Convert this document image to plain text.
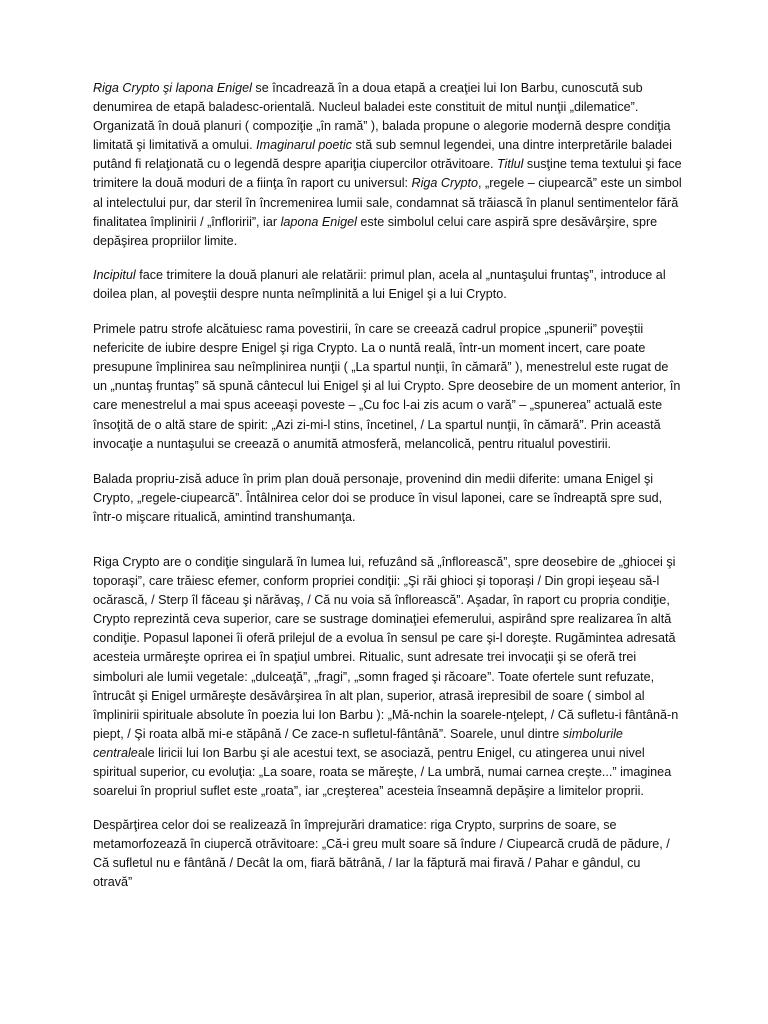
Riga Crypto şi lapona Enigel se încadrează în a doua etapă a creaţiei lui Ion Barbu, cunoscută sub denumirea de etapă baladesc-orientală. Nucleul baladei este constituit de mitul nunţii „dilematice”. Organizată în două planuri ( compoziţie „în ramă” ), balada propune o alegorie modernă despre condiţia limitată şi limitativă a omului. Imaginarul poetic stă sub semnul legendei, una dintre interpretările baladei putând fi relaţionată cu o legendă despre apariţia ciupercilor otrăvitoare. Titlul susţine tema textului şi face trimitere la două moduri de a fiinţa în raport cu universul: Riga Crypto, „regele – ciupearcă” este un simbol al intelectului pur, dar steril în încremenirea lumii sale, condamnat să trăiască în planul sentimentelor fără finalitatea împlinirii / „înfloririi”, iar lapona Enigel este simbolul celui care aspiră spre desăvârşire, spre depăşirea propriilor limite.

Incipitul face trimitere la două planuri ale relatării: primul plan, acela al „nuntaşului fruntaş”, introduce al doilea plan, al poveştii despre nunta neîmplinită a lui Enigel şi a lui Crypto.

Primele patru strofe alcătuiesc rama povestirii, în care se creează cadrul propice „spunerii” poveştii nefericite de iubire despre Enigel şi riga Crypto. La o nuntă reală, într-un moment incert, care poate presupune împlinirea sau neîmplinirea nunţii ( „La spartul nunţii, în cămară” ), menestrelul este rugat de un „nuntaş fruntaş” să spună cântecul lui Enigel şi al lui Crypto. Spre deosebire de un moment anterior, în care menestrelul a mai spus aceeaşi poveste – „Cu foc l-ai zis acum o vară” – „spunerea” actuală este însoţită de o altă stare de spirit: „Azi zi-mi-l stins, încetinel, / La spartul nunţii, în cămară”. Prin această invocaţie a nuntaşului se creează o anumită atmosferă, melancolică, pentru ritualul povestirii.

Balada propriu-zisă aduce în prim plan două personaje, provenind din medii diferite: umana Enigel şi Crypto, „regele-ciupearcă”. Întâlnirea celor doi se produce în visul laponei, care se îndreaptă spre sud, într-o mişcare ritualică, amintind transhumanţa.

Riga Crypto are o condiţie singulară în lumea lui, refuzând să „înflorească”, spre deosebire de „ghiocei şi toporaşi”, care trăiesc efemer, conform propriei condiţii: „Şi răi ghioci şi toporaşi / Din gropi ieşeau să-l ocărască, / Sterp îl făceau şi nărăvaş, / Că nu voia să înflorească”. Aşadar, în raport cu propria condiţie, Crypto reprezintă ceva superior, care se sustrage dominaţiei efemerului, aspirând spre realizarea în altă condiţie. Popasul laponei îi oferă prilejul de a evolua în sensul pe care şi-l doreşte. Rugămintea adresată acesteia urmăreşte oprirea ei în spaţiul umbrei. Ritualic, sunt adresate trei invocaţii şi se oferă trei simboluri ale lumii vegetale: „dulceaţă”, „fragi”, „somn fraged şi răcoare”. Toate ofertele sunt refuzate, întrucât şi Enigel urmăreşte desăvârşirea în alt plan, superior, atrasă irepresibil de soare ( simbol al împlinirii spirituale absolute în poezia lui Ion Barbu ): „Mă-nchin la soarele-nţelept, / Că sufletu-i fântână-n piept, / Şi roata albă mi-e stăpână / Ce zace-n sufletul-fântână”. Soarele, unul dintre simbolurile centraleale liricii lui Ion Barbu şi ale acestui text, se asociază, pentru Enigel, cu atingerea unui nivel spiritual superior, cu evoluţia: „La soare, roata se măreşte, / La umbră, numai carnea creşte...” imaginea soarelui în propriul suflet este „roata”, iar „creşterea” acesteia înseamnă depăşire a limitelor proprii.

Despărţirea celor doi se realizează în împrejurări dramatice: riga Crypto, surprins de soare, se metamorfozează în ciupercă otrăvitoare: „Că-i greu mult soare să îndure / Ciupearcă crudă de pădure, / Că sufletul nu e fântână / Decât la om, fiară bătrână, / Iar la făptură mai firavă / Pahar e gândul, cu otravă”
